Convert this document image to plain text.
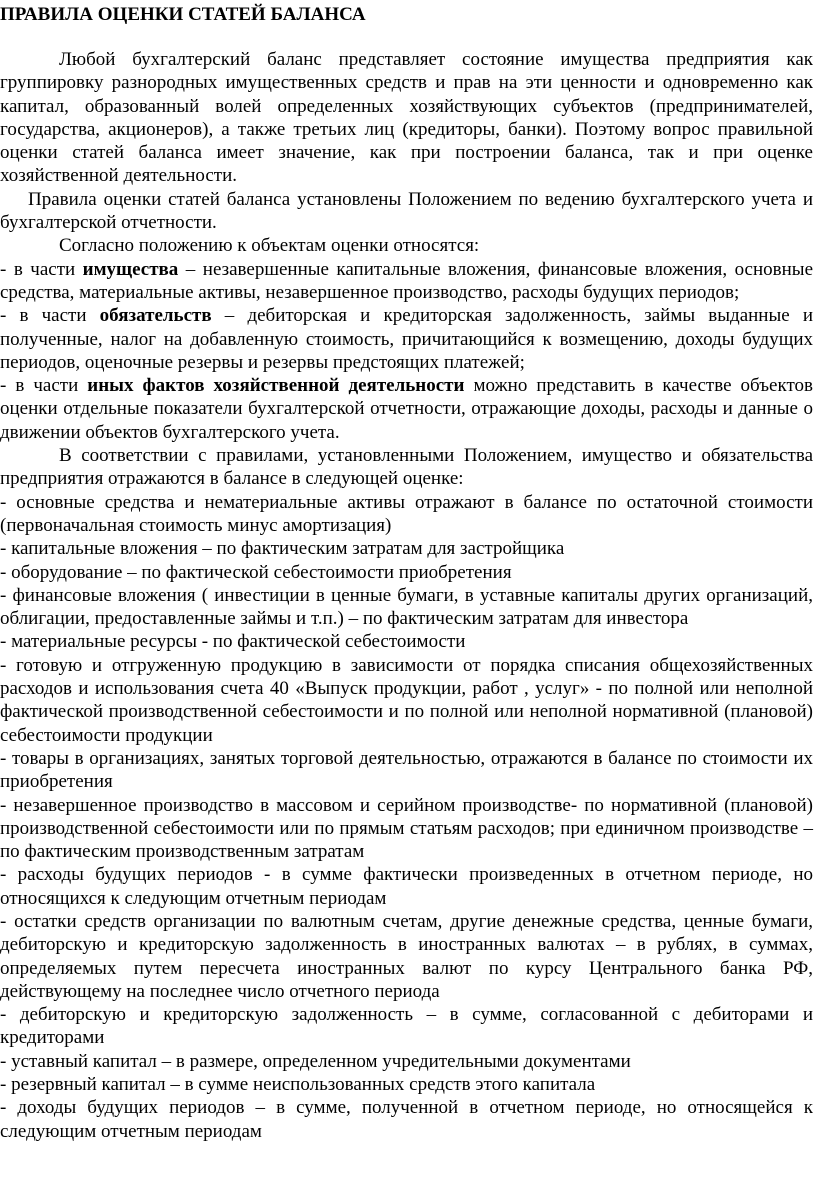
ПРАВИЛА ОЦЕНКИ СТАТЕЙ БАЛАНСА

Любой бухгалтерский баланс представляет состояние имущества предприятия как группировку разнородных имущественных средств и прав на эти ценности и одновременно как капитал, образованный волей определенных хозяйствующих субъектов (предпринимателей, государства, акционеров), а также третьих лиц (кредиторы, банки). Поэтому вопрос правильной оценки статей баланса имеет значение, как при построении баланса, так и при оценке хозяйственной деятельности.

Правила оценки статей баланса установлены Положением по ведению бухгалтерского учета и бухгалтерской отчетности.

Согласно положению к объектам оценки относятся:

- в части имущества – незавершенные капитальные вложения, финансовые вложения, основные средства, материальные активы, незавершенное производство, расходы будущих периодов;

- в части обязательств – дебиторская и кредиторская задолженность, займы выданные и полученные, налог на добавленную стоимость, причитающийся к возмещению, доходы будущих периодов, оценочные резервы и резервы предстоящих платежей;

- в части иных фактов хозяйственной деятельности можно представить в качестве объектов оценки отдельные показатели бухгалтерской отчетности, отражающие доходы, расходы и данные о движении объектов бухгалтерского учета.

В соответствии с правилами, установленными Положением, имущество и обязательства предприятия отражаются в балансе в следующей оценке:

- основные средства и нематериальные активы отражают в балансе по остаточной стоимости (первоначальная стоимость минус амортизация)

- капитальные вложения – по фактическим затратам для застройщика

- оборудование – по фактической себестоимости приобретения

- финансовые вложения ( инвестиции в ценные бумаги, в уставные капиталы других организаций, облигации, предоставленные займы и т.п.) – по фактическим затратам для инвестора

- материальные ресурсы - по фактической себестоимости

- готовую и отгруженную продукцию в зависимости от порядка списания общехозяйственных расходов и использования счета 40 «Выпуск продукции, работ , услуг» - по полной или неполной фактической производственной себестоимости и по полной или неполной нормативной (плановой) себестоимости продукции

- товары в организациях, занятых торговой деятельностью, отражаются в балансе по стоимости их приобретения

- незавершенное производство в массовом и серийном производстве- по нормативной (плановой) производственной себестоимости или по прямым статьям расходов; при единичном производстве – по фактическим производственным затратам

- расходы будущих периодов - в сумме фактически произведенных в отчетном периоде, но относящихся к следующим отчетным периодам

- остатки средств организации по валютным счетам, другие денежные средства, ценные бумаги, дебиторскую и кредиторскую задолженность в иностранных валютах – в рублях, в суммах, определяемых путем пересчета иностранных валют по курсу Центрального банка РФ, действующему на последнее число отчетного периода

- дебиторскую и кредиторскую задолженность – в сумме, согласованной с дебиторами и кредиторами

- уставный капитал – в размере, определенном учредительными документами

- резервный капитал – в сумме неиспользованных средств этого капитала

- доходы будущих периодов – в сумме, полученной в отчетном периоде, но относящейся к следующим отчетным периодам
